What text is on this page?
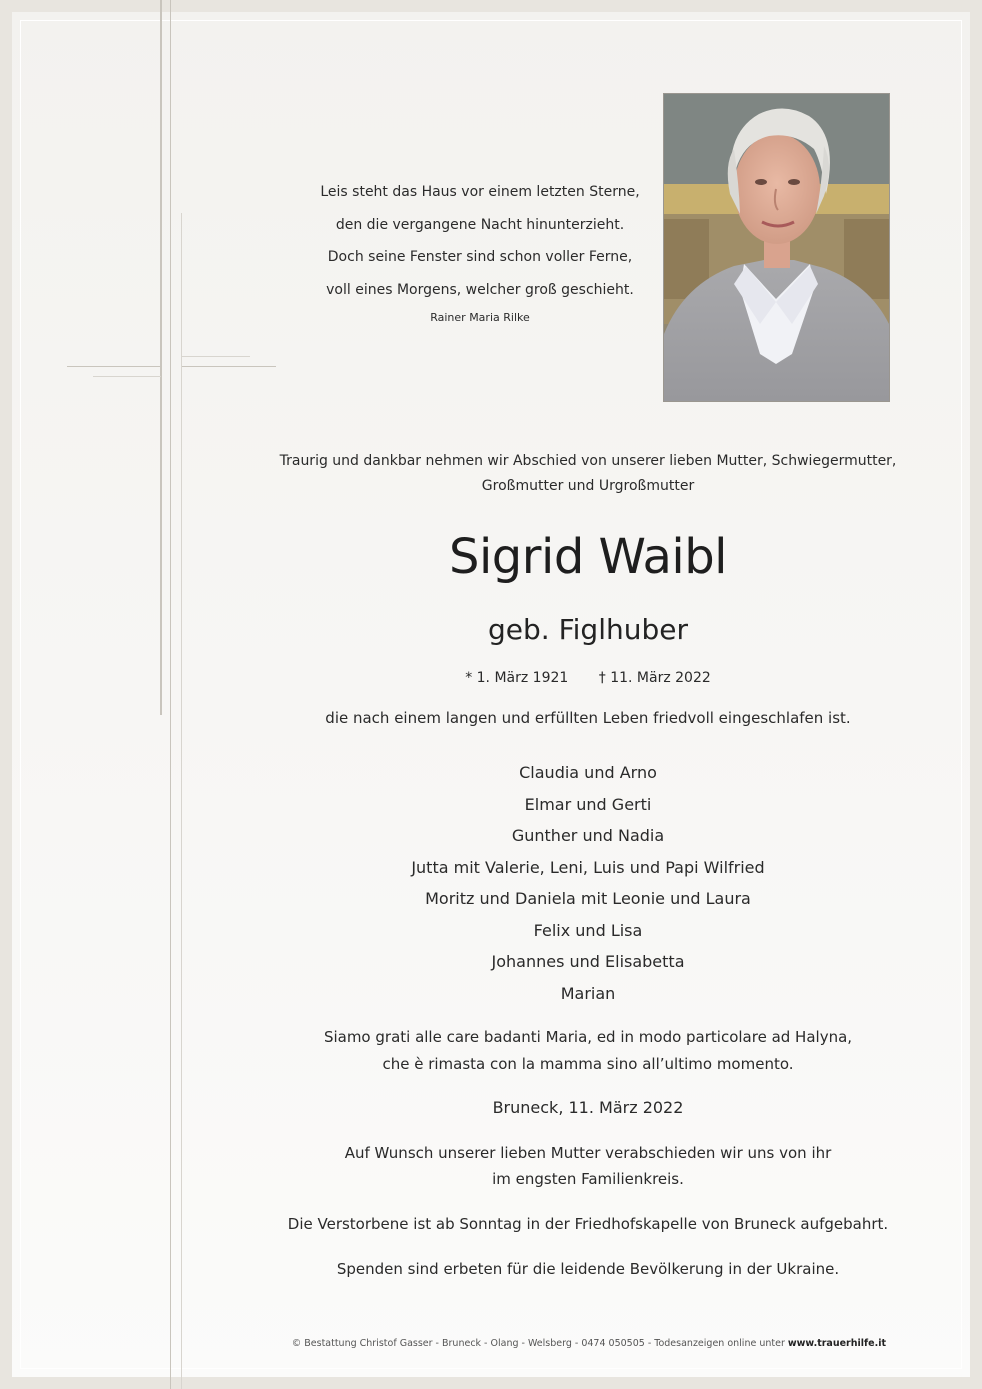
Leis steht das Haus vor einem letzten Sterne,
den die vergangene Nacht hinunterzieht.
Doch seine Fenster sind schon voller Ferne,
voll eines Morgens, welcher groß geschieht.
Rainer Maria Rilke
Traurig und dankbar nehmen wir Abschied von unserer lieben Mutter, Schwiegermutter,
Großmutter und Urgroßmutter
Sigrid Waibl
geb. Figlhuber
* 1. März 1921 † 11. März 2022
die nach einem langen und erfüllten Leben friedvoll eingeschlafen ist.
Claudia und Arno
Elmar und Gerti
Gunther und Nadia
Jutta mit Valerie, Leni, Luis und Papi Wilfried
Moritz und Daniela mit Leonie und Laura
Felix und Lisa
Johannes und Elisabetta
Marian
Siamo grati alle care badanti Maria, ed in modo particolare ad Halyna,
che è rimasta con la mamma sino all’ultimo momento.
Bruneck, 11. März 2022
Auf Wunsch unserer lieben Mutter verabschieden wir uns von ihr
im engsten Familienkreis.
Die Verstorbene ist ab Sonntag in der Friedhofskapelle von Bruneck aufgebahrt.
Spenden sind erbeten für die leidende Bevölkerung in der Ukraine.
© Bestattung Christof Gasser - Bruneck - Olang - Welsberg - 0474 050505 - Todesanzeigen online unter www.trauerhilfe.it
